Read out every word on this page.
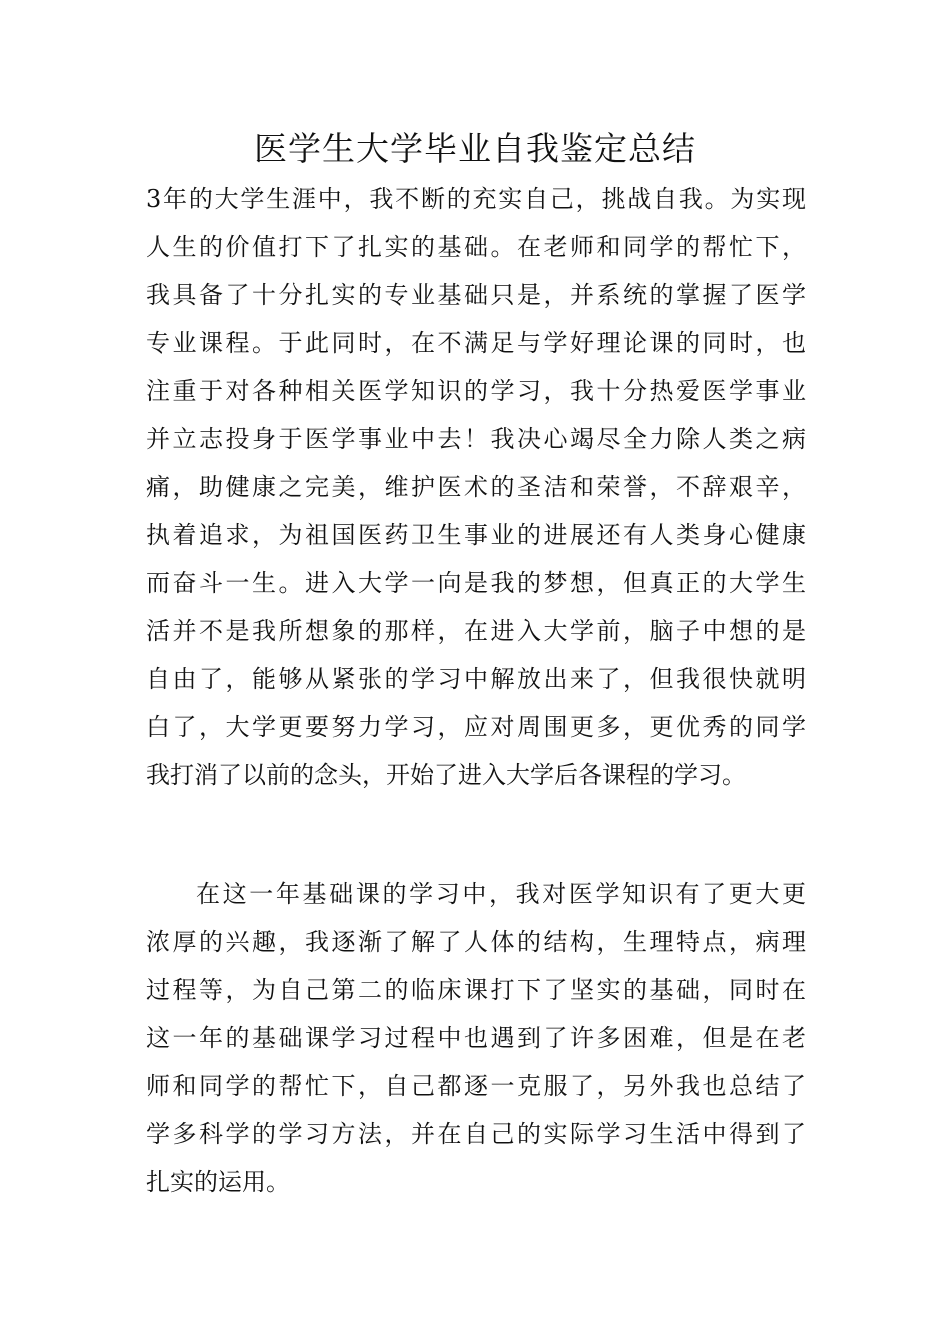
医学生大学毕业自我鉴定总结
3年的大学生涯中，我不断的充实自己，挑战自我。为实现
人生的价值打下了扎实的基础。在老师和同学的帮忙下，
我具备了十分扎实的专业基础只是，并系统的掌握了医学
专业课程。于此同时，在不满足与学好理论课的同时，也
注重于对各种相关医学知识的学习，我十分热爱医学事业
并立志投身于医学事业中去！我决心竭尽全力除人类之病
痛，助健康之完美，维护医术的圣洁和荣誉，不辞艰辛，
执着追求，为祖国医药卫生事业的进展还有人类身心健康
而奋斗一生。进入大学一向是我的梦想，但真正的大学生
活并不是我所想象的那样，在进入大学前，脑子中想的是
自由了，能够从紧张的学习中解放出来了，但我很快就明
白了，大学更要努力学习，应对周围更多，更优秀的同学
我打消了以前的念头，开始了进入大学后各课程的学习。
在这一年基础课的学习中，我对医学知识有了更大更
浓厚的兴趣，我逐渐了解了人体的结构，生理特点，病理
过程等，为自己第二的临床课打下了坚实的基础，同时在
这一年的基础课学习过程中也遇到了许多困难，但是在老
师和同学的帮忙下，自己都逐一克服了，另外我也总结了
学多科学的学习方法，并在自己的实际学习生活中得到了
扎实的运用。
